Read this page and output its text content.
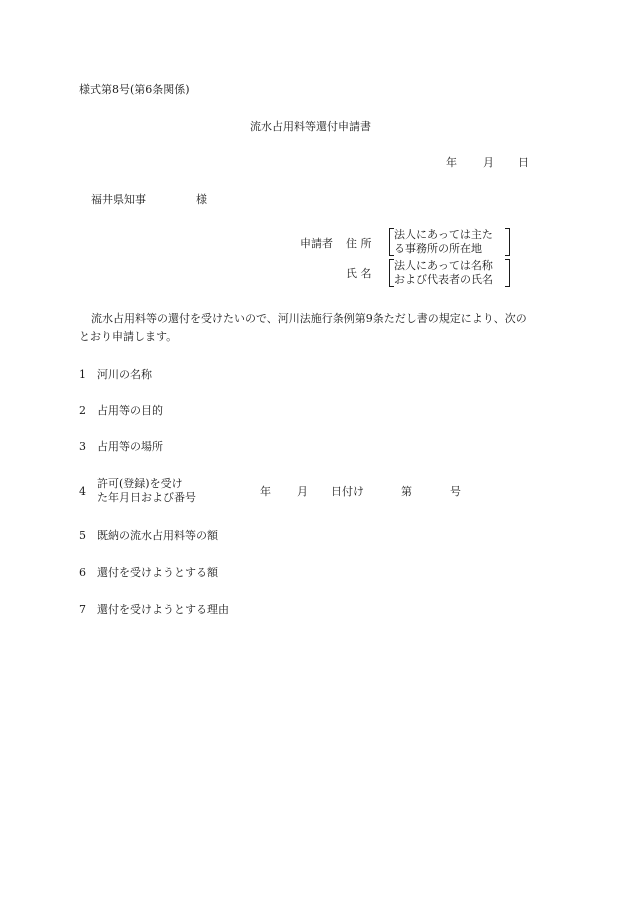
様式第8号(第6条関係)
流水占用料等還付申請書
年 月 日
福井県知事	様
申請者 住 所
法人にあっては主た
る事務所の所在地
氏 名
法人にあっては名称
および代表者の氏名
流水占用料等の還付を受けたいので、河川法施行条例第9条ただし書の規定により、次の
とおり申請します。
1 河川の名称
2 占用等の目的
3 占用等の場所
4
許可(登録)を受け
た年月日および番号	年 月 日付け	第	号
5 既納の流水占用料等の額
6 還付を受けようとする額
7 還付を受けようとする理由
